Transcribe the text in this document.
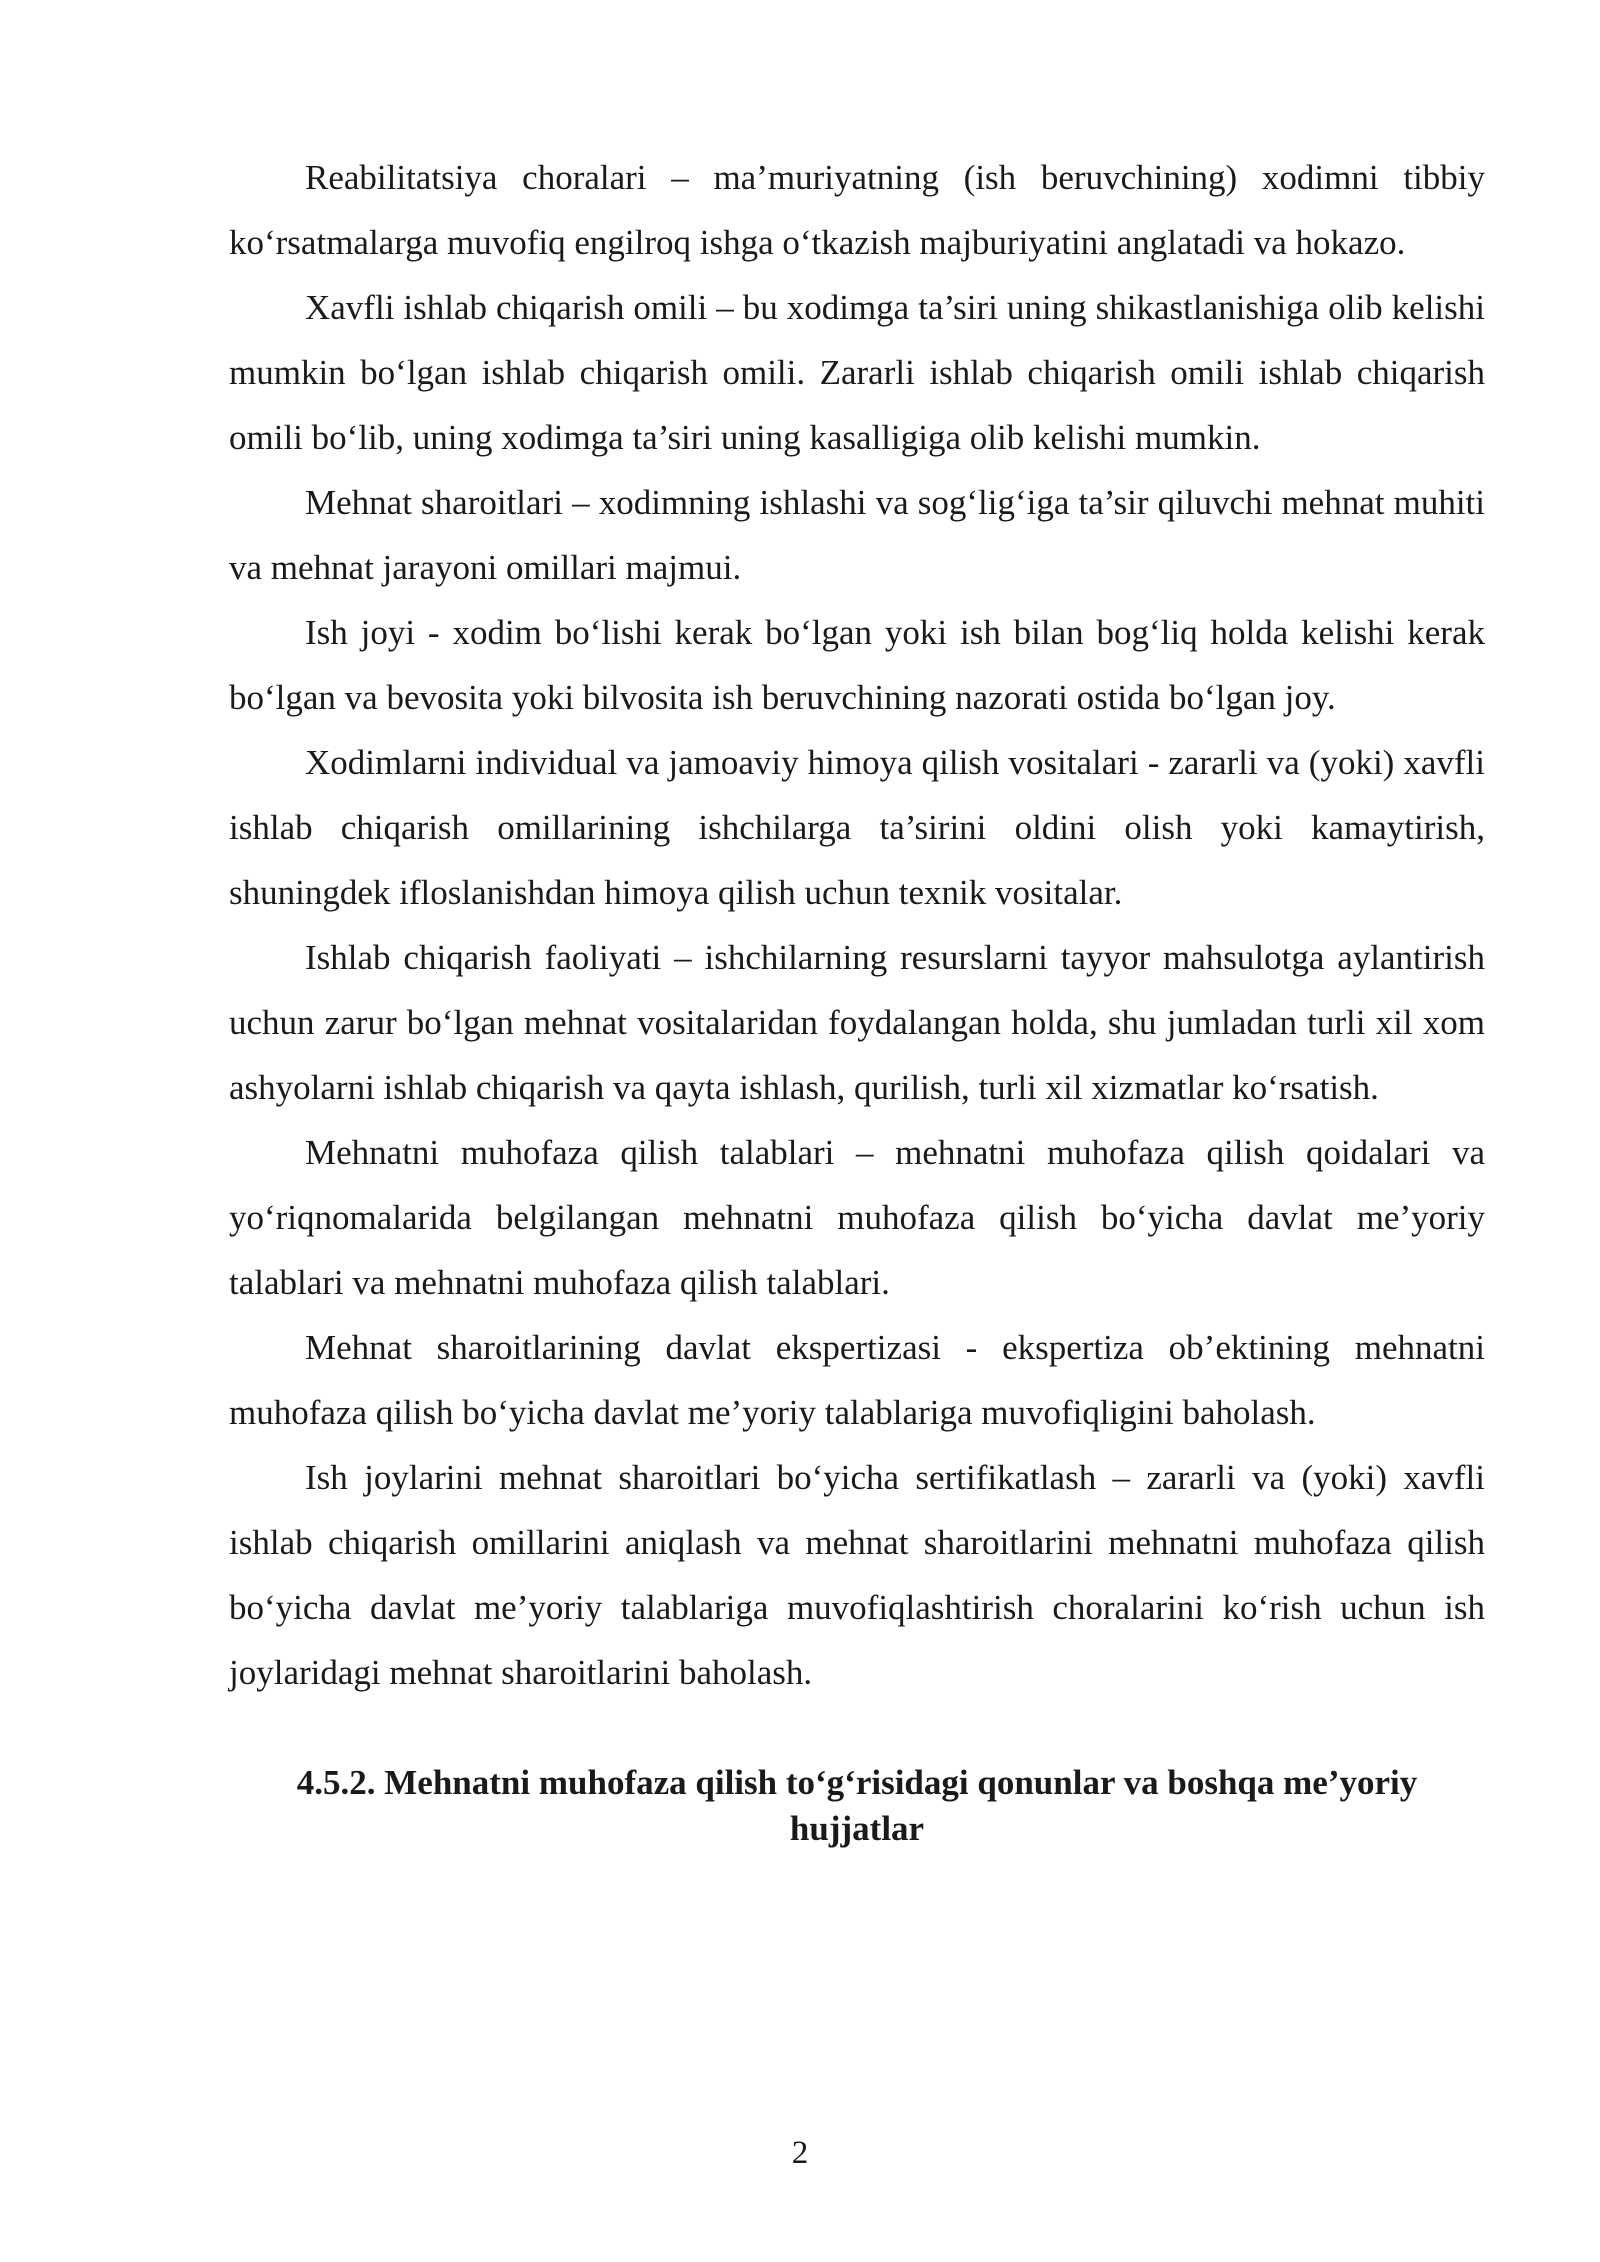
Reabilitatsiya choralari – ma’muriyatning (ish beruvchining) xodimni tibbiy ko‘rsatmalarga muvofiq engilroq ishga o‘tkazish majburiyatini anglatadi va hokazo.

Xavfli ishlab chiqarish omili – bu xodimga ta’siri uning shikastlanishiga olib kelishi mumkin bo‘lgan ishlab chiqarish omili. Zararli ishlab chiqarish omili ishlab chiqarish omili bo‘lib, uning xodimga ta’siri uning kasalligiga olib kelishi mumkin.

Mehnat sharoitlari – xodimning ishlashi va sog‘lig‘iga ta’sir qiluvchi mehnat muhiti va mehnat jarayoni omillari majmui.

Ish joyi - xodim bo‘lishi kerak bo‘lgan yoki ish bilan bog‘liq holda kelishi kerak bo‘lgan va bevosita yoki bilvosita ish beruvchining nazorati ostida bo‘lgan joy.

Xodimlarni individual va jamoaviy himoya qilish vositalari - zararli va (yoki) xavfli ishlab chiqarish omillarining ishchilarga ta’sirini oldini olish yoki kamaytirish, shuningdek ifloslanishdan himoya qilish uchun texnik vositalar.

Ishlab chiqarish faoliyati – ishchilarning resurslarni tayyor mahsulotga aylantirish uchun zarur bo‘lgan mehnat vositalaridan foydalangan holda, shu jumladan turli xil xom ashyolarni ishlab chiqarish va qayta ishlash, qurilish, turli xil xizmatlar ko‘rsatish.

Mehnatni muhofaza qilish talablari – mehnatni muhofaza qilish qoidalari va yo‘riqnomalarida belgilangan mehnatni muhofaza qilish bo‘yicha davlat me’yoriy talablari va mehnatni muhofaza qilish talablari.

Mehnat sharoitlarining davlat ekspertizasi - ekspertiza ob’ektining mehnatni muhofaza qilish bo‘yicha davlat me’yoriy talablariga muvofiqligini baholash.

Ish joylarini mehnat sharoitlari bo‘yicha sertifikatlash – zararli va (yoki) xavfli ishlab chiqarish omillarini aniqlash va mehnat sharoitlarini mehnatni muhofaza qilish bo‘yicha davlat me’yoriy talablariga muvofiqlashtirish choralarini ko‘rish uchun ish joylaridagi mehnat sharoitlarini baholash.

4.5.2. Mehnatni muhofaza qilish to‘g‘risidagi qonunlar va boshqa me’yoriy hujjatlar
2
